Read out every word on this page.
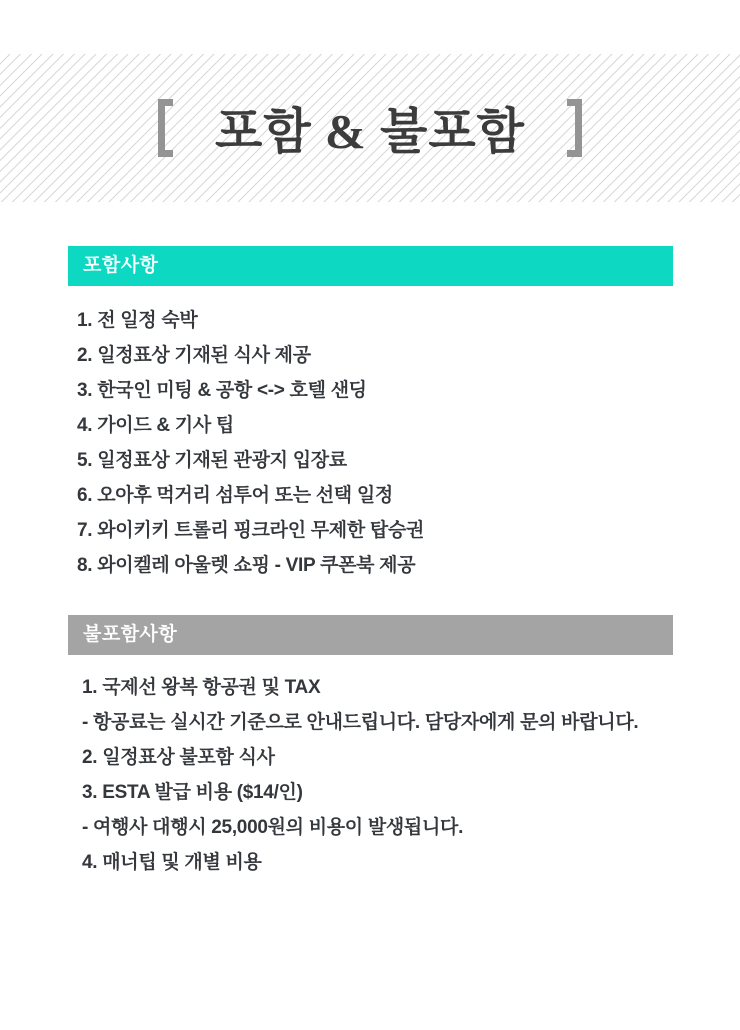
포함 & 불포함
포함사항
1. 전 일정 숙박
2. 일정표상 기재된 식사 제공
3. 한국인 미팅 & 공항 <-> 호텔 샌딩
4. 가이드 & 기사 팁
5. 일정표상 기재된 관광지 입장료
6. 오아후 먹거리 섬투어 또는 선택 일정
7. 와이키키 트롤리 핑크라인 무제한 탑승권
8. 와이켈레 아울렛 쇼핑 - VIP 쿠폰북 제공
불포함사항
1. 국제선 왕복 항공권 및 TAX
- 항공료는 실시간 기준으로 안내드립니다. 담당자에게 문의 바랍니다.
2. 일정표상 불포함 식사
3. ESTA 발급 비용 ($14/인)
- 여행사 대행시 25,000원의 비용이 발생됩니다.
4. 매너팁 및 개별 비용
